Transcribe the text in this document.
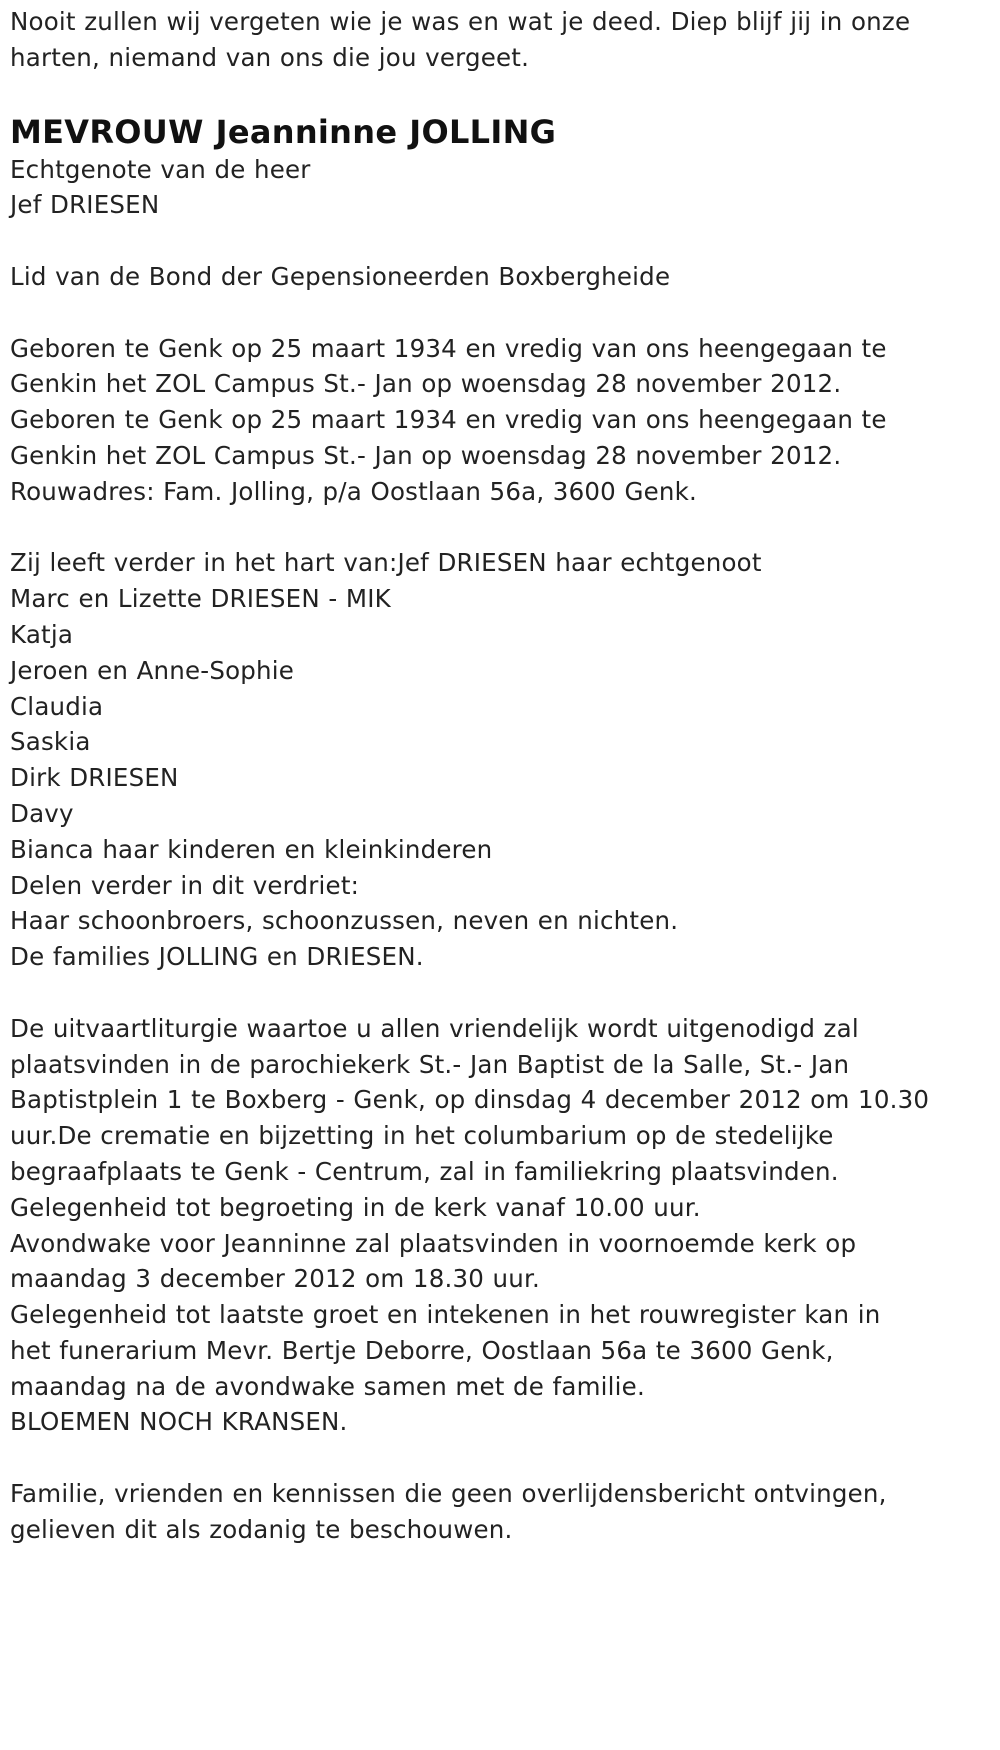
Nooit zullen wij vergeten wie je was en wat je deed. Diep blijf jij in onze
harten, niemand van ons die jou vergeet.
MEVROUW Jeanninne JOLLING
Echtgenote van de heer
Jef DRIESEN
Lid van de Bond der Gepensioneerden Boxbergheide
Geboren te Genk op 25 maart 1934 en vredig van ons heengegaan te
Genkin het ZOL Campus St.- Jan op woensdag 28 november 2012.
Geboren te Genk op 25 maart 1934 en vredig van ons heengegaan te
Genkin het ZOL Campus St.- Jan op woensdag 28 november 2012.
Rouwadres: Fam. Jolling, p/a Oostlaan 56a, 3600 Genk.
Zij leeft verder in het hart van:Jef DRIESEN haar echtgenoot
Marc en Lizette DRIESEN - MIK
Katja
Jeroen en Anne-Sophie
Claudia
Saskia
Dirk DRIESEN
Davy
Bianca haar kinderen en kleinkinderen
Delen verder in dit verdriet:
Haar schoonbroers, schoonzussen, neven en nichten.
De families JOLLING en DRIESEN.
De uitvaartliturgie waartoe u allen vriendelijk wordt uitgenodigd zal
plaatsvinden in de parochiekerk St.- Jan Baptist de la Salle, St.- Jan
Baptistplein 1 te Boxberg - Genk, op dinsdag 4 december 2012 om 10.30
uur.De crematie en bijzetting in het columbarium op de stedelijke
begraafplaats te Genk - Centrum, zal in familiekring plaatsvinden.
Gelegenheid tot begroeting in de kerk vanaf 10.00 uur.
Avondwake voor Jeanninne zal plaatsvinden in voornoemde kerk op
maandag 3 december 2012 om 18.30 uur.
Gelegenheid tot laatste groet en intekenen in het rouwregister kan in
het funerarium Mevr. Bertje Deborre, Oostlaan 56a te 3600 Genk,
maandag na de avondwake samen met de familie.
BLOEMEN NOCH KRANSEN.
Familie, vrienden en kennissen die geen overlijdensbericht ontvingen,
gelieven dit als zodanig te beschouwen.
